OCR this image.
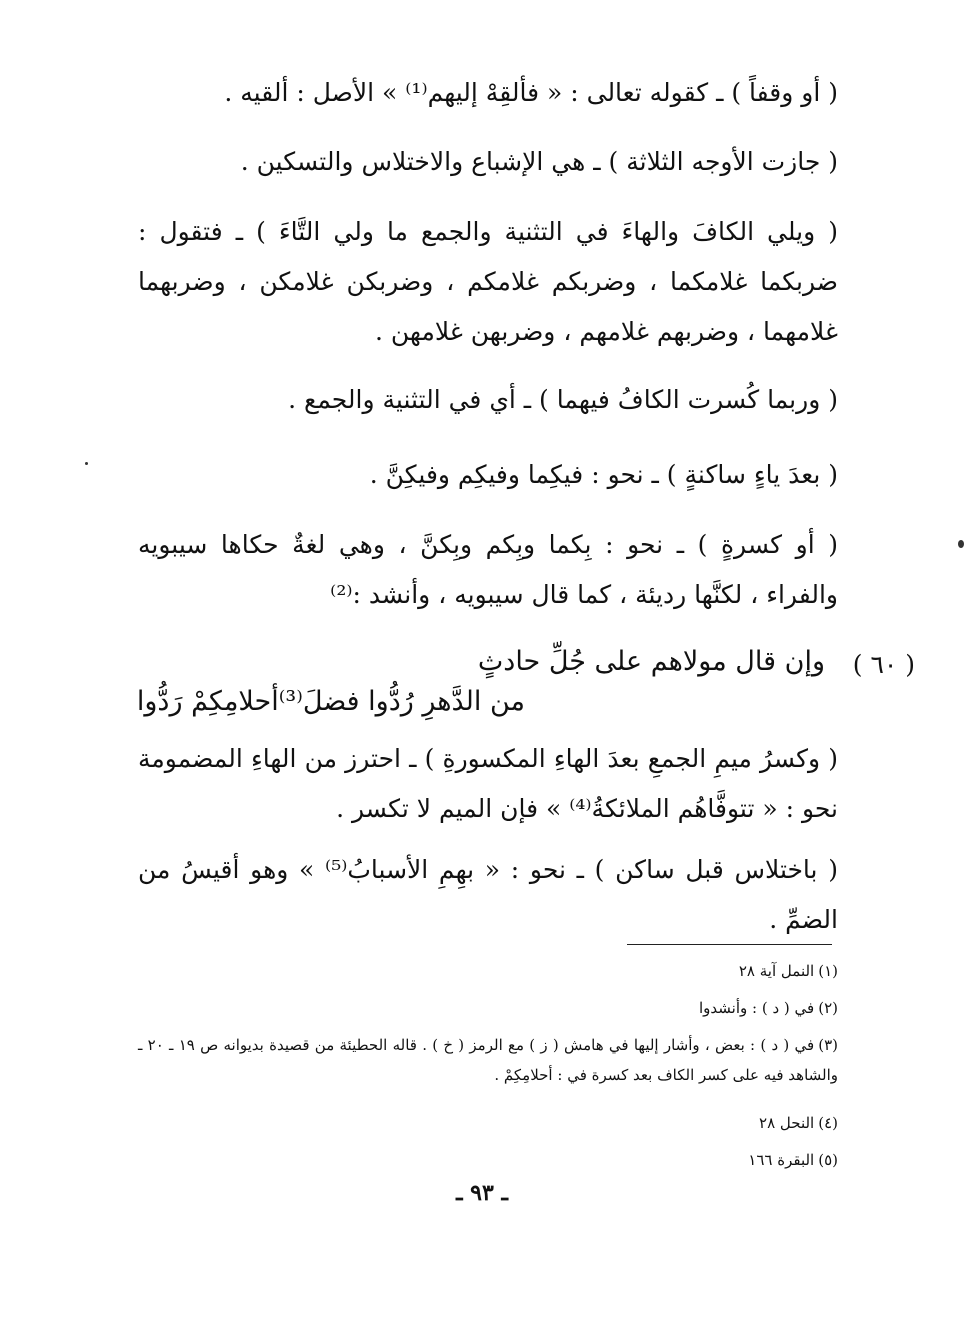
( أو وقفاً ) ـ كقوله تعالى : « فألقِهْ إليهم⁽¹⁾ » الأصل : ألقيه .
( جازت الأوجه الثلاثة ) ـ هي الإشباع والاختلاس والتسكين .
( ويلي الكافَ والهاءَ في التثنية والجمع ما ولي التَّاءَ ) ـ فتقول : ضربكما غلامكما ، وضربكم غلامكم ، وضربكن غلامكن ، وضربهما غلامهما ، وضربهم غلامهم ، وضربهن غلامهن .
( وربما كُسرت الكافُ فيهما ) ـ أي في التثنية والجمع .
( بعدَ ياءٍ ساكنةٍ ) ـ نحو : فيكِما وفيكِم وفيكِنَّ .
( أو كسرةٍ ) ـ نحو : بِكما وبِكم وبِكنَّ ، وهي لغةٌ حكاها سيبويه والفراء ، لكنَّها رديئة ، كما قال سيبويه ، وأنشد :⁽²⁾
( ٦٠ )
وإن قال مولاهم على جُلِّ حادثٍ
من الدَّهرِ رُدُّوا فضلَ⁽³⁾أحلامِكِمْ رَدُّوا
( وكسرُ ميمِ الجمعِ بعدَ الهاءِ المكسورةِ ) ـ احترز من الهاءِ المضمومة نحو : « تتوفَّاهُم الملائكةُ⁽⁴⁾ » فإن الميم لا تكسر .
( باختلاس قبل ساكن ) ـ نحو : « بهِمِ الأسبابُ⁽⁵⁾ » وهو أقيسُ من الضمِّ .
(١)النمل آية ٢٨
(٢)في ( د ) : وأنشدوا
(٣)في ( د ) : بعض ، وأشار إليها في هامش ( ز ) مع الرمز ( خ ) . قاله الحطيئة من قصيدة بديوانه ص ١٩ ـ ٢٠ ـ والشاهد فيه على كسر الكاف بعد كسرة في : أحلامِكِمْ .
(٤)النحل ٢٨
(٥)البقرة ١٦٦
ـ ٩٣ ـ
